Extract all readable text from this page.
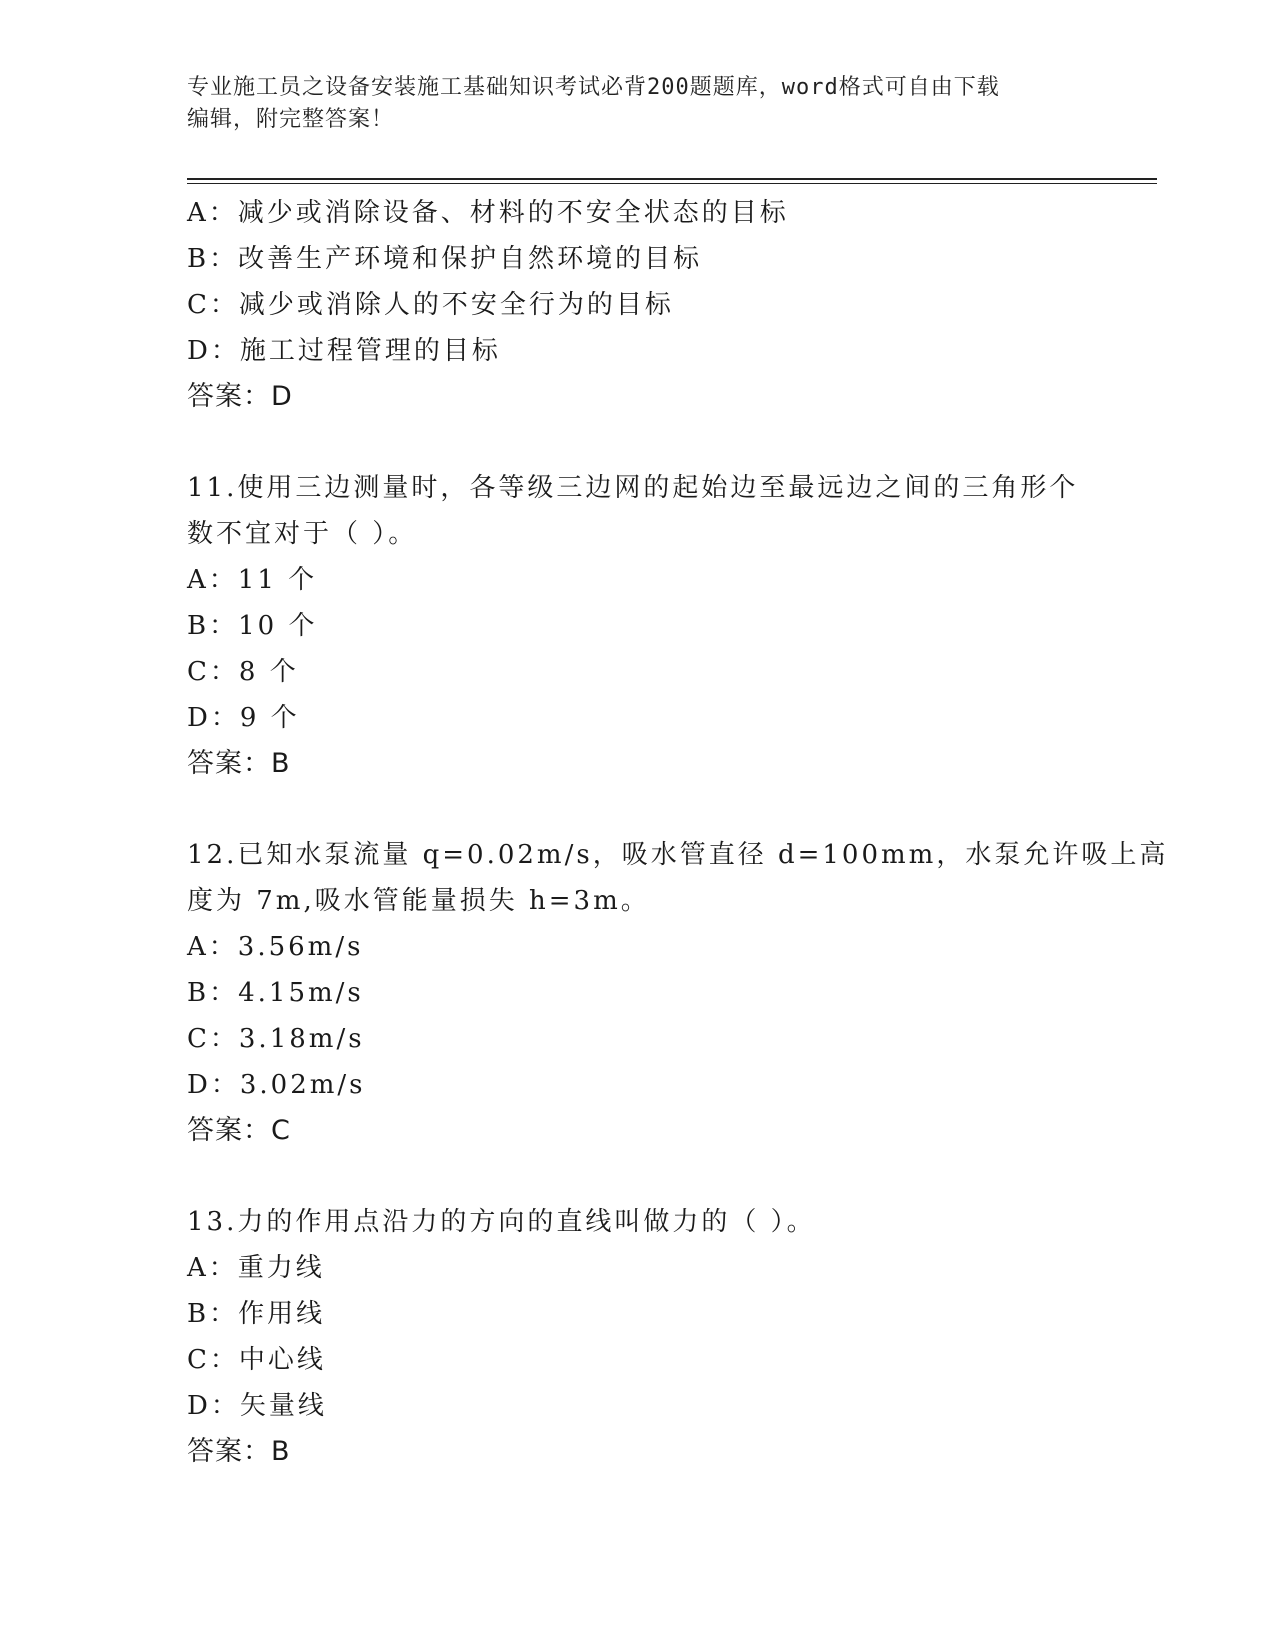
专业施工员之设备安装施工基础知识考试必背200题题库，word格式可自由下载
编辑，附完整答案！
A：减少或消除设备、材料的不安全状态的目标
B：改善生产环境和保护自然环境的目标
C：减少或消除人的不安全行为的目标
D：施工过程管理的目标
答案：D
11.使用三边测量时，各等级三边网的起始边至最远边之间的三角形个
数不宜对于（ ）。
A：11 个
B：10 个
C：8 个
D：9 个
答案：B
12.已知水泵流量 q=0.02m/s，吸水管直径 d=100mm，水泵允许吸上高
度为 7m,吸水管能量损失 h=3m。
A：3.56m/s
B：4.15m/s
C：3.18m/s
D：3.02m/s
答案：C
13.力的作用点沿力的方向的直线叫做力的（ ）。
A：重力线
B：作用线
C：中心线
D：矢量线
答案：B
